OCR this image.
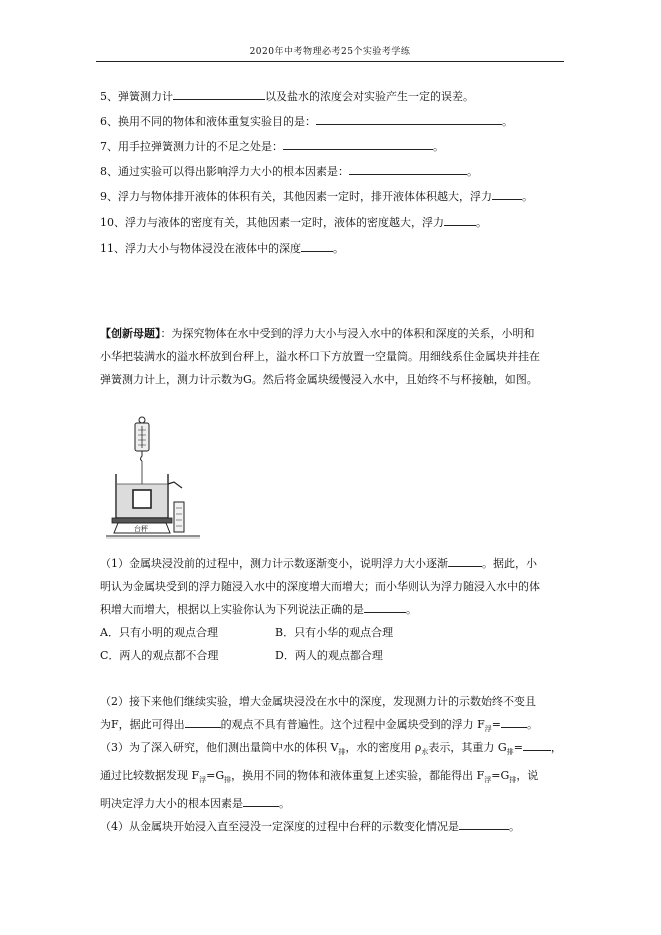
2020年中考物理必考25个实验考学练
5、弹簧测力计	以及盐水的浓度会对实验产生一定的误差。
6、换用不同的物体和液体重复实验目的是：	。
7、用手拉弹簧测力计的不足之处是：	。
8、通过实验可以得出影响浮力大小的根本因素是：	。
9、浮力与物体排开液体的体积有关，其他因素一定时，排开液体体积越大，浮力	。
10、浮力与液体的密度有关，其他因素一定时，液体的密度越大，浮力	。
11、浮力大小与物体浸没在液体中的深度	。

【创新母题】：为探究物体在水中受到的浮力大小与浸入水中的体积和深度的关系，小明和

小华把装满水的溢水杯放到台秤上，溢水杯口下方放置一空量筒。用细线系住金属块并挂在

弹簧测力计上，测力计示数为G。然后将金属块缓慢浸入水中，且始终不与杯接触，如图。

台秤

（1）金属块浸没前的过程中，测力计示数逐渐变小，说明浮力大小逐渐	。据此，小

明认为金属块受到的浮力随浸入水中的深度增大而增大；而小华则认为浮力随浸入水中的体

积增大而增大，根据以上实验你认为下列说法正确的是	。

A．只有小明的观点合理	B．只有小华的观点合理

C．两人的观点都不合理	D．两人的观点都合理

（2）接下来他们继续实验，增大金属块浸没在水中的深度，发现测力计的示数始终不变且

为F，据此可得出	的观点不具有普遍性。这个过程中金属块受到的浮力 $F_浮=$ 。

（3）为了深入研究，他们测出量筒中水的体积 $V_排$，水的密度用 $\rho_水$表示，其重力 $G_排=$	，

通过比较数据发现 $F_浮=G_排$，换用不同的物体和液体重复上述实验，都能得出 $F_浮=G_排$，说

明决定浮力大小的根本因素是	。

（4）从金属块开始浸入直至浸没一定深度的过程中台秤的示数变化情况是	。
